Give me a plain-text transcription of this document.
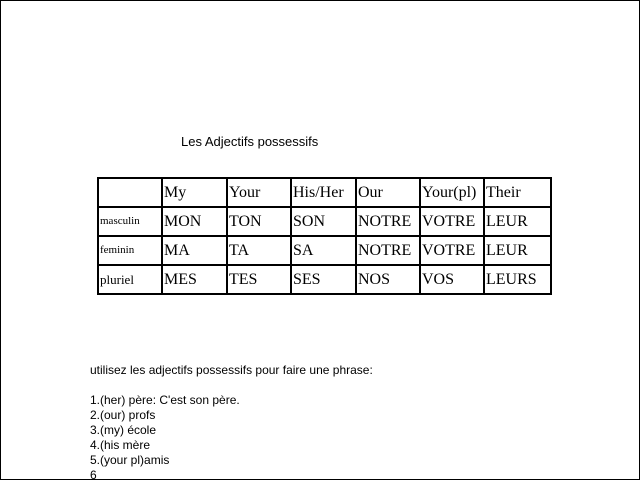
Les Adjectifs possessifs
	My	Your	His/Her	Our	Your(pl)	Their
masculin	MON	TON	SON	NOTRE	VOTRE	LEUR
feminin	MA	TA	SA	NOTRE	VOTRE	LEUR
pluriel	MES	TES	SES	NOS	VOS	LEURS
utilisez les adjectifs possessifs pour faire une phrase:
1.(her) père: C'est son père.
2.(our) profs
3.(my) école
4.(his mère
5.(your pl)amis
6
